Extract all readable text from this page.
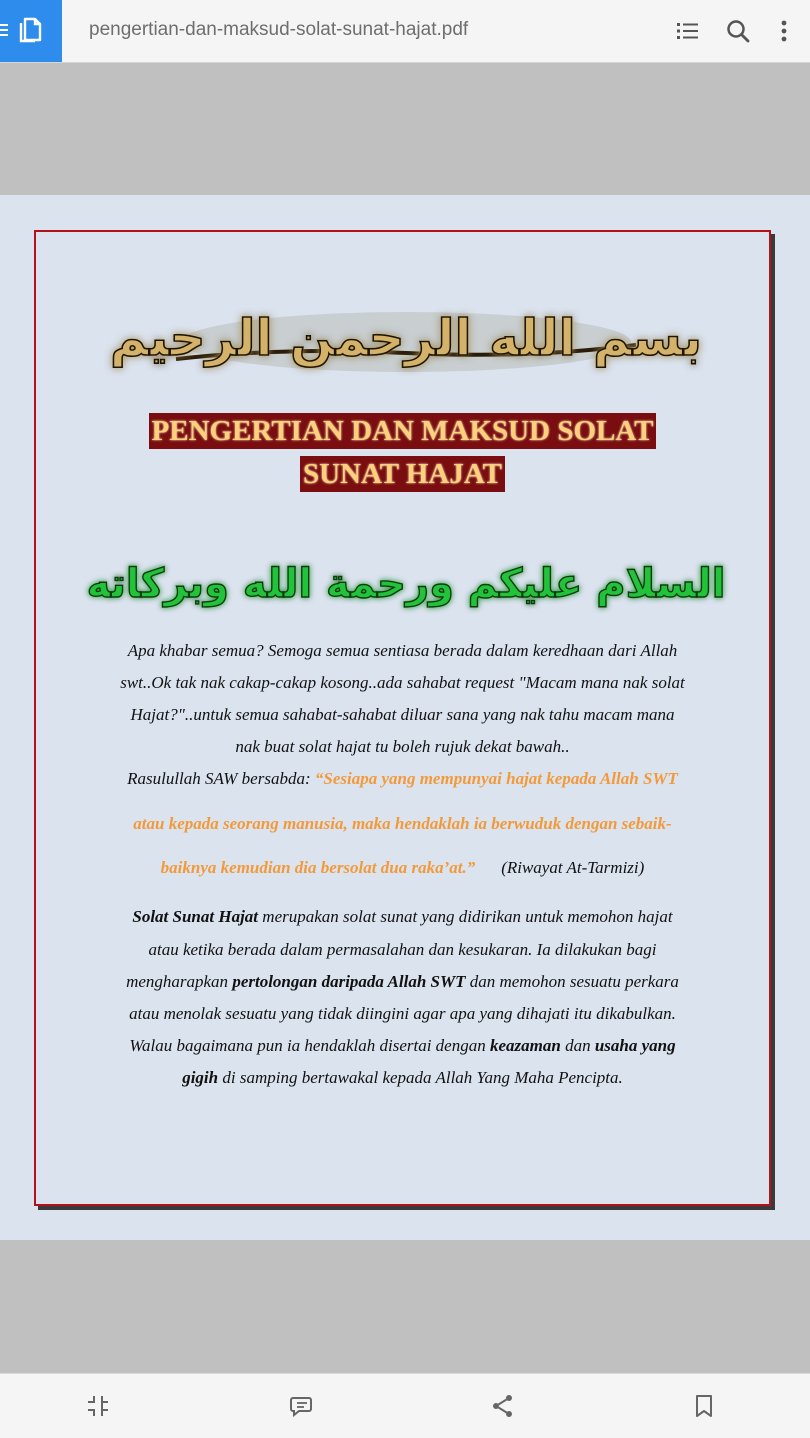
pengertian-dan-maksud-solat-sunat-hajat.pdf
بسم الله الرحمن الرحيم
PENGERTIAN DAN MAKSUD SOLAT
SUNAT HAJAT
السلام عليكم ورحمة الله وبركاته
Apa khabar semua? Semoga semua sentiasa berada dalam keredhaan dari Allah
swt..Ok tak nak cakap-cakap kosong..ada sahabat request "Macam mana nak solat
Hajat?"..untuk semua sahabat-sahabat diluar sana yang nak tahu macam mana
nak buat solat hajat tu boleh rujuk dekat bawah..
Rasulullah SAW bersabda: “Sesiapa yang mempunyai hajat kepada Allah SWT
atau kepada seorang manusia, maka hendaklah ia berwuduk dengan sebaik-
baiknya kemudian dia bersolat dua raka’at.” (Riwayat At-Tarmizi)
Solat Sunat Hajat merupakan solat sunat yang didirikan untuk memohon hajat
atau ketika berada dalam permasalahan dan kesukaran. Ia dilakukan bagi
mengharapkan pertolongan daripada Allah SWT dan memohon sesuatu perkara
atau menolak sesuatu yang tidak diingini agar apa yang dihajati itu dikabulkan.
Walau bagaimana pun ia hendaklah disertai dengan keazaman dan usaha yang
gigih di samping bertawakal kepada Allah Yang Maha Pencipta.
